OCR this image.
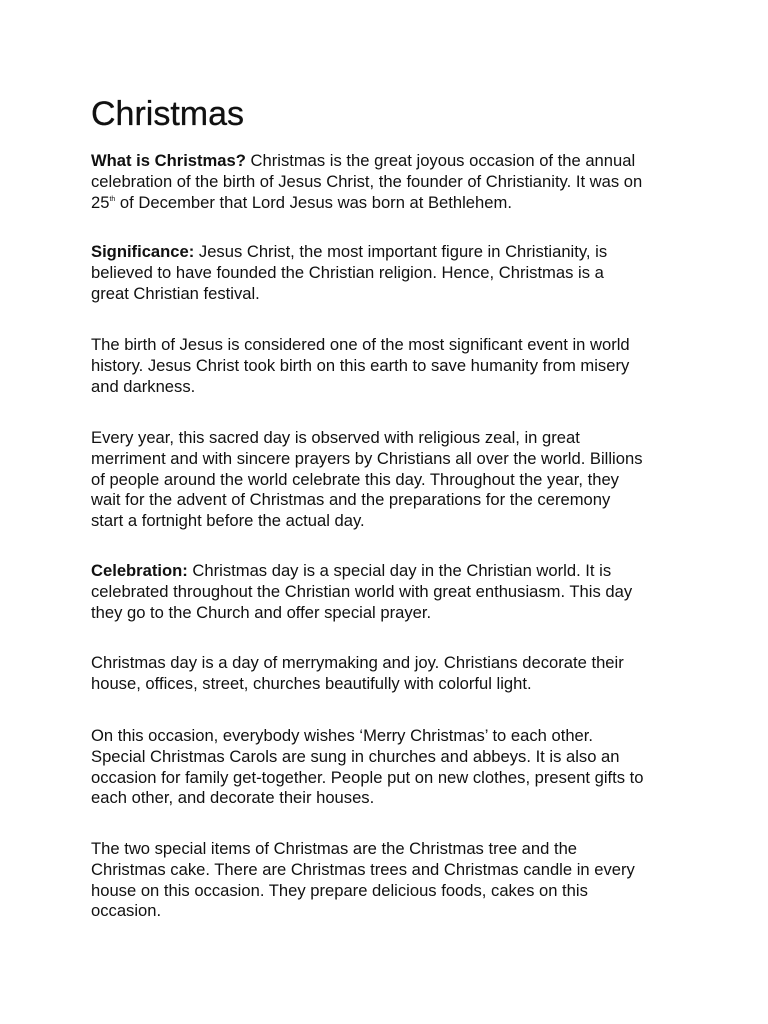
Christmas

What is Christmas? Christmas is the great joyous occasion of the annual
celebration of the birth of Jesus Christ, the founder of Christianity. It was on
25th of December that Lord Jesus was born at Bethlehem.

Significance: Jesus Christ, the most important figure in Christianity, is
believed to have founded the Christian religion. Hence, Christmas is a
great Christian festival.

The birth of Jesus is considered one of the most significant event in world
history. Jesus Christ took birth on this earth to save humanity from misery
and darkness.

Every year, this sacred day is observed with religious zeal, in great
merriment and with sincere prayers by Christians all over the world. Billions
of people around the world celebrate this day. Throughout the year, they
wait for the advent of Christmas and the preparations for the ceremony
start a fortnight before the actual day.

Celebration: Christmas day is a special day in the Christian world. It is
celebrated throughout the Christian world with great enthusiasm. This day
they go to the Church and offer special prayer.

Christmas day is a day of merrymaking and joy. Christians decorate their
house, offices, street, churches beautifully with colorful light.

On this occasion, everybody wishes ‘Merry Christmas’ to each other.
Special Christmas Carols are sung in churches and abbeys. It is also an
occasion for family get-together. People put on new clothes, present gifts to
each other, and decorate their houses.

The two special items of Christmas are the Christmas tree and the
Christmas cake. There are Christmas trees and Christmas candle in every
house on this occasion. They prepare delicious foods, cakes on this
occasion.
